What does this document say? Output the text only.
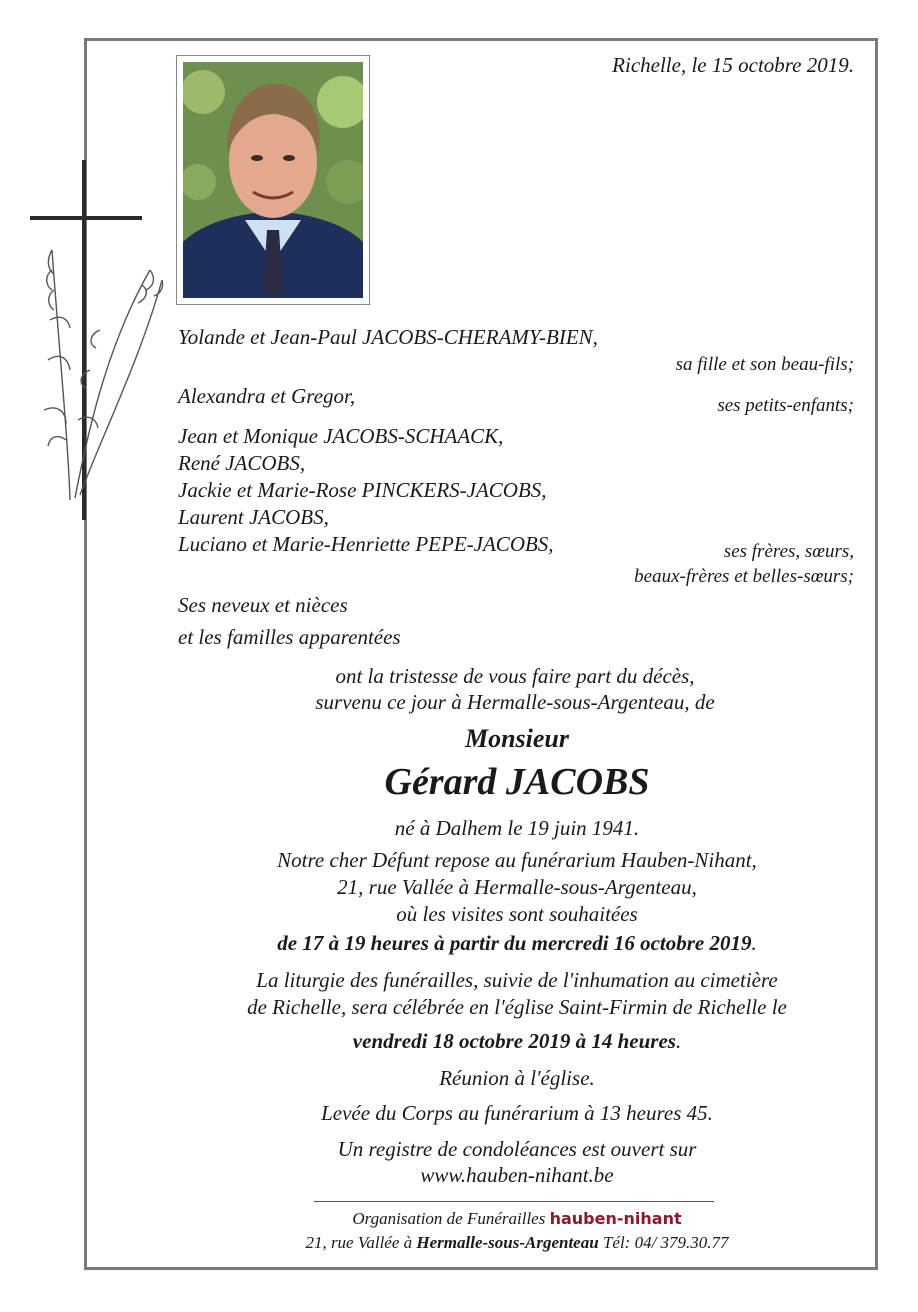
Richelle, le 15 octobre 2019.
Yolande et Jean-Paul JACOBS-CHERAMY-BIEN,
sa fille et son beau-fils;
Alexandra et Gregor,	ses petits-enfants;
Jean et Monique JACOBS-SCHAACK,
René JACOBS,
Jackie et Marie-Rose PINCKERS-JACOBS,
Laurent JACOBS,
Luciano et Marie-Henriette PEPE-JACOBS,	ses frères, sœurs,
beaux-frères et belles-sœurs;
Ses neveux et nièces
et les familles apparentées
ont la tristesse de vous faire part du décès,
survenu ce jour à Hermalle-sous-Argenteau, de
Monsieur
Gérard JACOBS
né à Dalhem le 19 juin 1941.
Notre cher Défunt repose au funérarium Hauben-Nihant,
21, rue Vallée à Hermalle-sous-Argenteau,
où les visites sont souhaitées
de 17 à 19 heures à partir du mercredi 16 octobre 2019.
La liturgie des funérailles, suivie de l'inhumation au cimetière
de Richelle, sera célébrée en l'église Saint-Firmin de Richelle le
vendredi 18 octobre 2019 à 14 heures.
Réunion à l'église.
Levée du Corps au funérarium à 13 heures 45.
Un registre de condoléances est ouvert sur
www.hauben-nihant.be
Organisation de Funérailles hauben-nihant
21, rue Vallée à Hermalle-sous-Argenteau Tél: 04/ 379.30.77
